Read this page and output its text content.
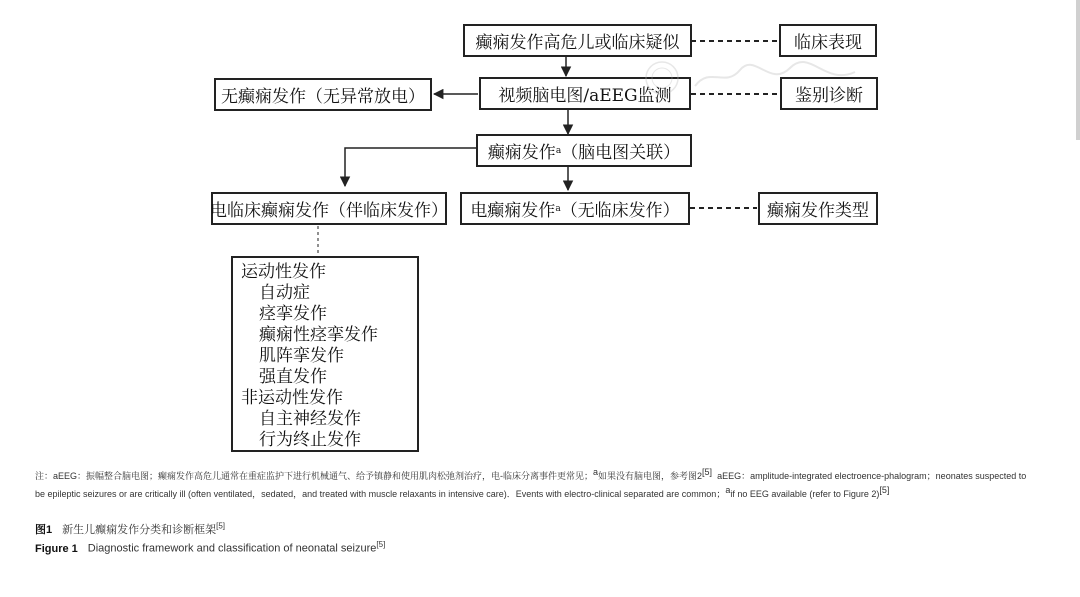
癫痫发作高危儿或临床疑似	临床表现
无癫痫发作（无异常放电）	视频脑电图/aEEG监测	鉴别诊断
癫痫发作 a （脑电图关联）
电临床癫痫发作（伴临床发作） 电癫痫发作 a （无临床发作）	癫痫发作类型
运动性发作
自动症
痉挛发作
癫痫性痉挛发作
肌阵挛发作
强直发作
非运动性发作
自主神经发作
行为终止发作
注：aEEG：振幅整合脑电图；癫痫发作高危儿通常在重症监护下进行机械通气、给予镇静和使用肌肉松弛剂治疗，电-临床分离事件更常见；$^a$如果没有脑电图，参考图2[5]  aEEG：amplitude-integrated electroence-phalogram；neonates suspected to
be epileptic seizures or are critically ill (often ventilated，sedated，and treated with muscle relaxants in intensive care)．Events with electro-clinical separated are common；$^a$if no EEG available (refer to Figure 2)[5]
图1 新生儿癫痫发作分类和诊断框架[5]
Figure 1 Diagnostic framework and classification of neonatal seizure[5]
